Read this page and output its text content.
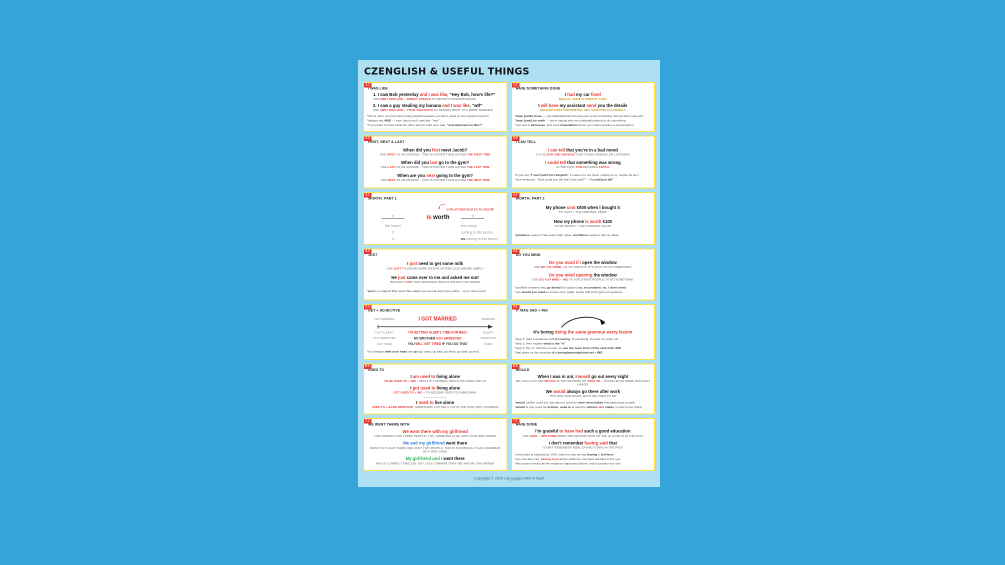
CZENGLISH & USEFUL THINGS
1.1
I WAS LIKE
1. I saw Bob yesterday and I was like, “Hey Bob, how’s life?”
USE AND I WAS LIKE + DIRECT SPEECH TO REPORT CONVERSATIONS
2. I saw a guy stealing my banana and I was like, “wtf”
USE AND I WAS LIKE + YOUR THOUGHTS TO REPORT WHAT YOU WERE THINKING
*this is more common than using say/tell because you don’t need to use reported speech
*always say AND – I saw Jacob and I was like, “hey”
*if you want to know what the other person said next, ask, “and what was he like?”
1.2
HAVE SOMETHING DONE
I had my car fixed
NECHAL JSEM SI OPRAVIT AUTO
I will have my assistant send you the details
NECHÁM SVOJI ASISTENTKU, ABY VÁM POSLALA DETAILY
*have [smth] done → you told/paid/ordered someone to do something, but we don’t care who
*have [smb] do smth → we’re saying who we told/paid/ordered to do something
*can use in all tenses, and even imperatives (have your team prepare a presentation)
2.1
FIRST, NEXT & LAST
When did you first meet Jacob?
USE FIRST AS AN ADVERB – THIS IS FASTER THAN SAYING THE FIRST TIME
When did you last go to the gym?
USE LAST AS AN ADVERB – THIS IS FASTER THAN SAYING THE LAST TIME
When are you next going to the gym?
USE NEXT AS AN ADVERB – THIS IS FASTER THAN SAYING THE NEXT TIME
2.2
I CAN TELL
I can tell that you’re in a bad mood
IT IS CLEAR AND OBVIOUS JUST FROM LOOKING OR LISTENING
I could tell that something was wrong
IN THE PAST CAN BECOMES COULD
*if you say “I can’t tell if he’s English” it means it’s not clear, maybe he is, maybe he isn’t
*nice sentence: “How could you tell that I was sad?” – “I could just tell”
3.1
WORTH: PART 1
VYPLATÍ SE/STOJÍ ZA TO ABY/ŽE
it	is worth	it
this lesson	the money
it	coming to this lesson
it	us coming to this lesson
3.2
WORTH: PART 2
My phone cost €600 when I bought it
TO COST = THE ORIGINAL PRICE
Now my phone is worth €100
TO BE WORTH = THE CURRENT VALUE
*priceless means it has super high value, worthless means it has no value
4.1
JUST
I just need to get some milk
USE JUST TO SOUND MORE NATIVE, IN THIS CASE MEANS SIMPLY
He just came over to me and asked me out!
WITHOUT JUST THIS SENTENCE WOULD SOUND A BIT WEIRD
*just is a magical filler word that makes you sound way more native – try to use it a lot!
4.2
DO YOU MIND
Do you mind if I open the window
USE DO YOU MIND + IF TO CHECK IF IT’S OKAY TO DO SOMETHING
Do you mind opening the window
USE DO YOU MIND + ING TO ASK OTHER PEOPLE TO DO SOMETHING
*possible answers: no, go ahead (for actions) no, no problem, no, I don’t mind
*use would you mind to sound more polite; works with both types of sentence
5.1
GET + ADJECTIVE
NOT MARRIED	I GOT MARRIED	MARRIED
NOT SLEEPY	I’M GETTING SLEEPY, TIME FOR BED!	SLEEPY
NOT ARRESTED	MY BROTHER GOT ARRESTED	ARRESTED
NOT TIRED	YOU WILL GET TIRED IF YOU DO THAT	TIRED
*for changes with your head use go (go crazy, go bald, go blind, go deaf, go red)
5.2
IT WAS SAD + ING
It’s boring doing the same grammar every lesson
*step 1: start a sentence with it’s boring, it’s amazing, it’s sad, it’s scary etc
*step 2: then explain what is the “it”
*step 3: the “it” must be a noun, so use the noun form of the verb with -ING
*that gives us the structure it’s boring/amazing/nice/sad + ING
6.1
USED TO
I am used to living alone
TO BE USED TO + ING = WHAT IS A NORMAL REGULAR THING FOR US
I got used to living alone
GET USED TO + ING = TO BECOME USED TO SOMETHING
I used to live alone
USED TO + BARE INFINITIVE; SOMETHING YOU DID A LOT IN THE PAST, NOT ANYMORE
6.2
WOULD
When I was in uni, I would go out every night
WE CAN ALSO USE WOULD IN THE MEANING OF USED TO – SAYING WHAT WERE OUR PAST HABITS
We would always go there after work
THIS WAS OUR HABIT, WHAT WE USED TO DO
*would (unlike ‘used to’) can also be used for short-term habits that lasted just a week
*would is only used for actions, used to is used for actions and states (I used to live there)
7.1
WE WENT THERE WITH
We went there with my girlfriend
THIS SOUNDS LIKE THREE PEOPLE: YOU, SOMEONE ELSE, AND YOUR GIRLFRIEND
Me and my girlfriend went there
NOW IT IS CLEAR THERE ARE ONLY TWO PEOPLE, THIS IS TECHNICALLY BAD GRAMMAR BUT VERY USED
My girlfriend and I went there
THIS IS ‘CORRECT ENGLISH’ BUT LESS COMMON THAN ‘ME AND MY GIRLFRIEND’
7.2
HAVE DONE
I’m grateful to have had such a good education
USE HAVE + 3RD FORM WHEN THE SECOND PART OF THE CLAUSE IS IN THE PAST
I don’t remember having said that
I DON’T REMEMBER NOW, SAYING IT WAS IN THE PAST
*remember is followed by -ING, which is why we say having + 3rd form
*you can also say: having seen all the evidence, we have decided to fire you
*this means seeing all the evidence happened before, and it sounds very nice
Copyright © 2020 Languages With A Twist
